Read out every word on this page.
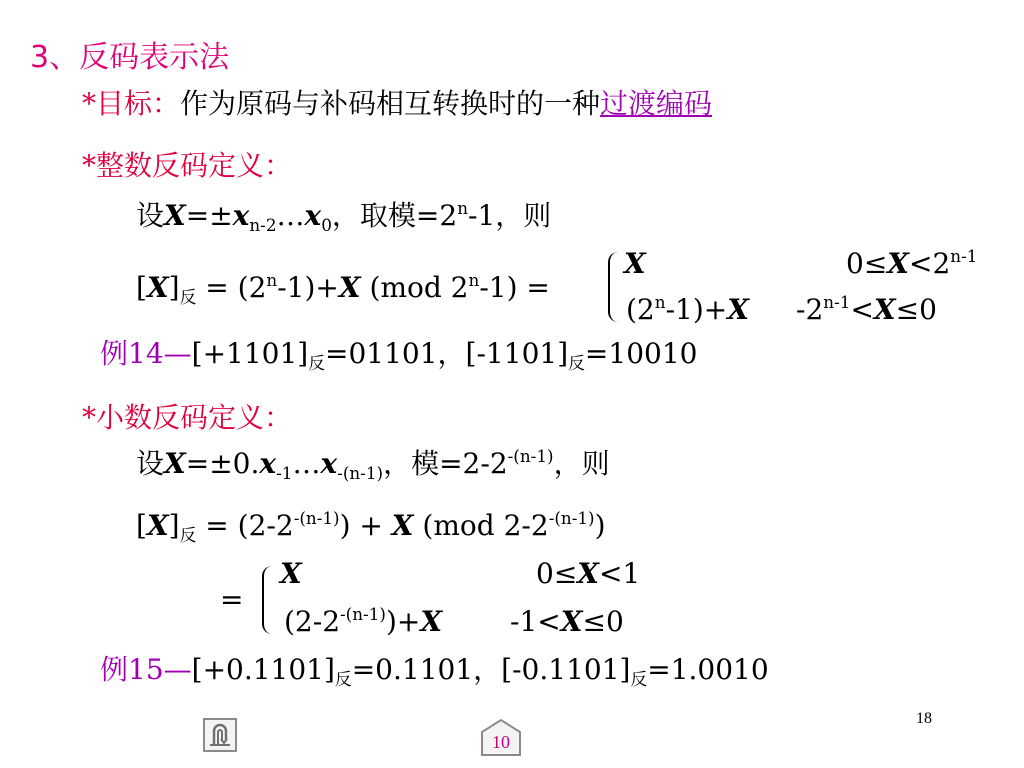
3、反码表示法
*目标：作为原码与补码相互转换时的一种过渡编码
*整数反码定义：
设$X=\pm x_{n-2}\dots x_0$，取模$=2^n-1$，则
$[X]_反 = (2^n-1)+X$ (mod $2^n-1$) =
X	$0\le X<2^{n-1}$
$(2^n-1)+X$ $-2^{n-1}<X\le 0$
例$14—[+1101]_反=01101$，$[-1101]_反=10010$
*小数反码定义：
设$X=\pm 0.x_{-1}\dots x_{-(n-1)}$，模$=2-2^{-(n-1)}$，则
$[X]_反 = (2-2^{-(n-1)}) + X$ (mod $2-2^{-(n-1)}$)
=
X	0≤X<1
$(2-2^{-(n-1)})+X$ -1<X≤0
例$15—[+0.1101]_反=0.1101$，$[-0.1101]_反=1.0010$
18
10
